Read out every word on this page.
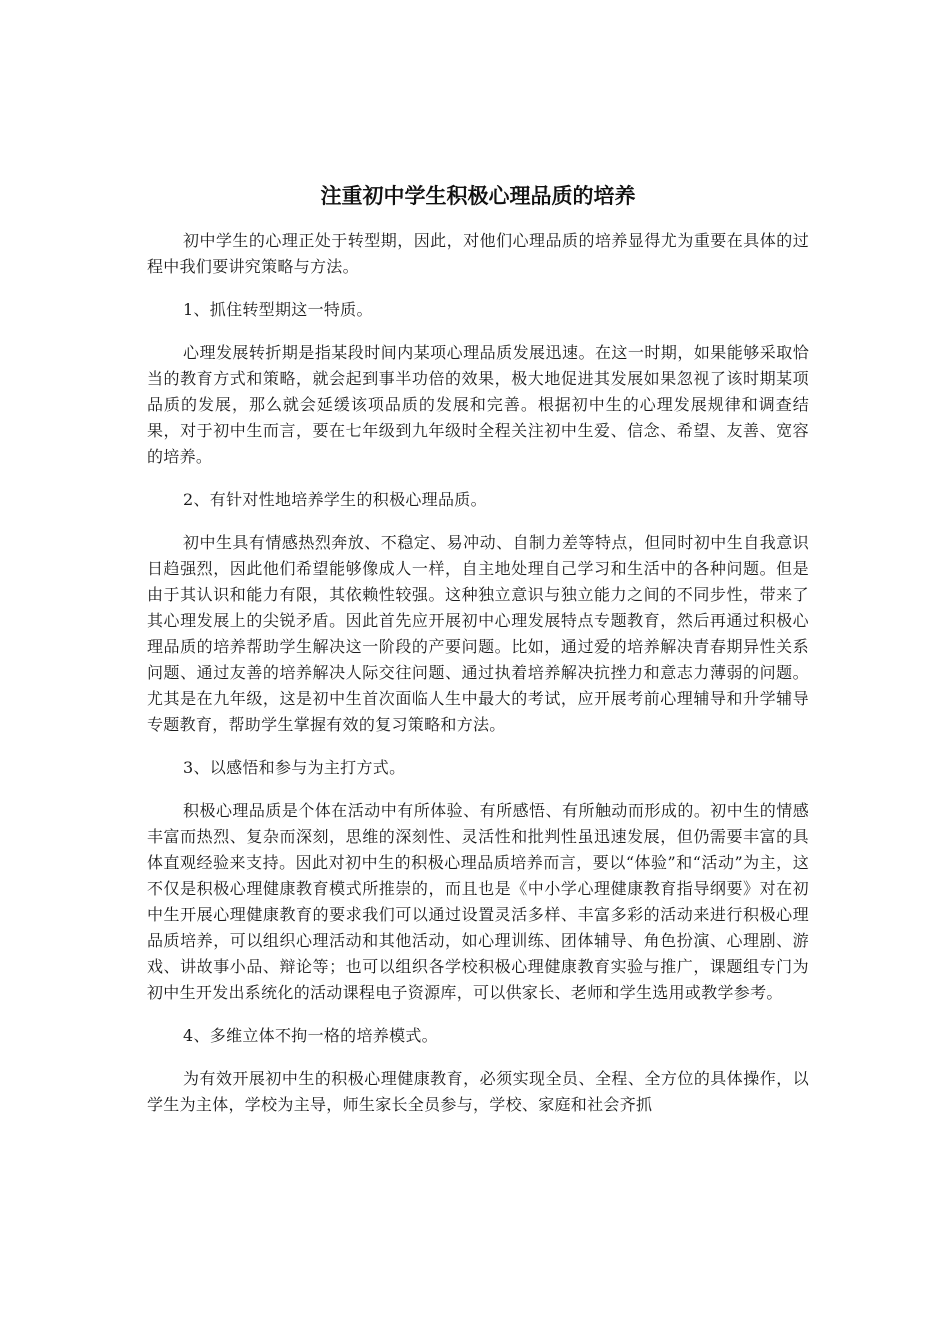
注重初中学生积极心理品质的培养

初中学生的心理正处于转型期，因此，对他们心理品质的培养显得尤为重要在具体的过程中我们要讲究策略与方法。

1、抓住转型期这一特质。

心理发展转折期是指某段时间内某项心理品质发展迅速。在这一时期，如果能够采取恰当的教育方式和策略，就会起到事半功倍的效果，极大地促进其发展如果忽视了该时期某项品质的发展，那么就会延缓该项品质的发展和完善。根据初中生的心理发展规律和调查结果，对于初中生而言，要在七年级到九年级时全程关注初中生爱、信念、希望、友善、宽容的培养。

2、有针对性地培养学生的积极心理品质。

初中生具有情感热烈奔放、不稳定、易冲动、自制力差等特点，但同时初中生自我意识日趋强烈，因此他们希望能够像成人一样，自主地处理自己学习和生活中的各种问题。但是由于其认识和能力有限，其依赖性较强。这种独立意识与独立能力之间的不同步性，带来了其心理发展上的尖锐矛盾。因此首先应开展初中心理发展特点专题教育，然后再通过积极心理品质的培养帮助学生解决这一阶段的产要问题。比如，通过爱的培养解决青春期异性关系问题、通过友善的培养解决人际交往问题、通过执着培养解决抗挫力和意志力薄弱的问题。尤其是在九年级，这是初中生首次面临人生中最大的考试，应开展考前心理辅导和升学辅导专题教育，帮助学生掌握有效的复习策略和方法。

3、以感悟和参与为主打方式。

积极心理品质是个体在活动中有所体验、有所感悟、有所触动而形成的。初中生的情感丰富而热烈、复杂而深刻，思维的深刻性、灵活性和批判性虽迅速发展，但仍需要丰富的具体直观经验来支持。因此对初中生的积极心理品质培养而言，要以“体验”和“活动”为主，这不仅是积极心理健康教育模式所推崇的，而且也是《中小学心理健康教育指导纲要》对在初中生开展心理健康教育的要求我们可以通过设置灵活多样、丰富多彩的活动来进行积极心理品质培养，可以组织心理活动和其他活动，如心理训练、团体辅导、角色扮演、心理剧、游戏、讲故事小品、辩论等；也可以组织各学校积极心理健康教育实验与推广，课题组专门为初中生开发出系统化的活动课程电子资源库，可以供家长、老师和学生选用或教学参考。

4、多维立体不拘一格的培养模式。

为有效开展初中生的积极心理健康教育，必须实现全员、全程、全方位的具体操作，以学生为主体，学校为主导，师生家长全员参与，学校、家庭和社会齐抓
